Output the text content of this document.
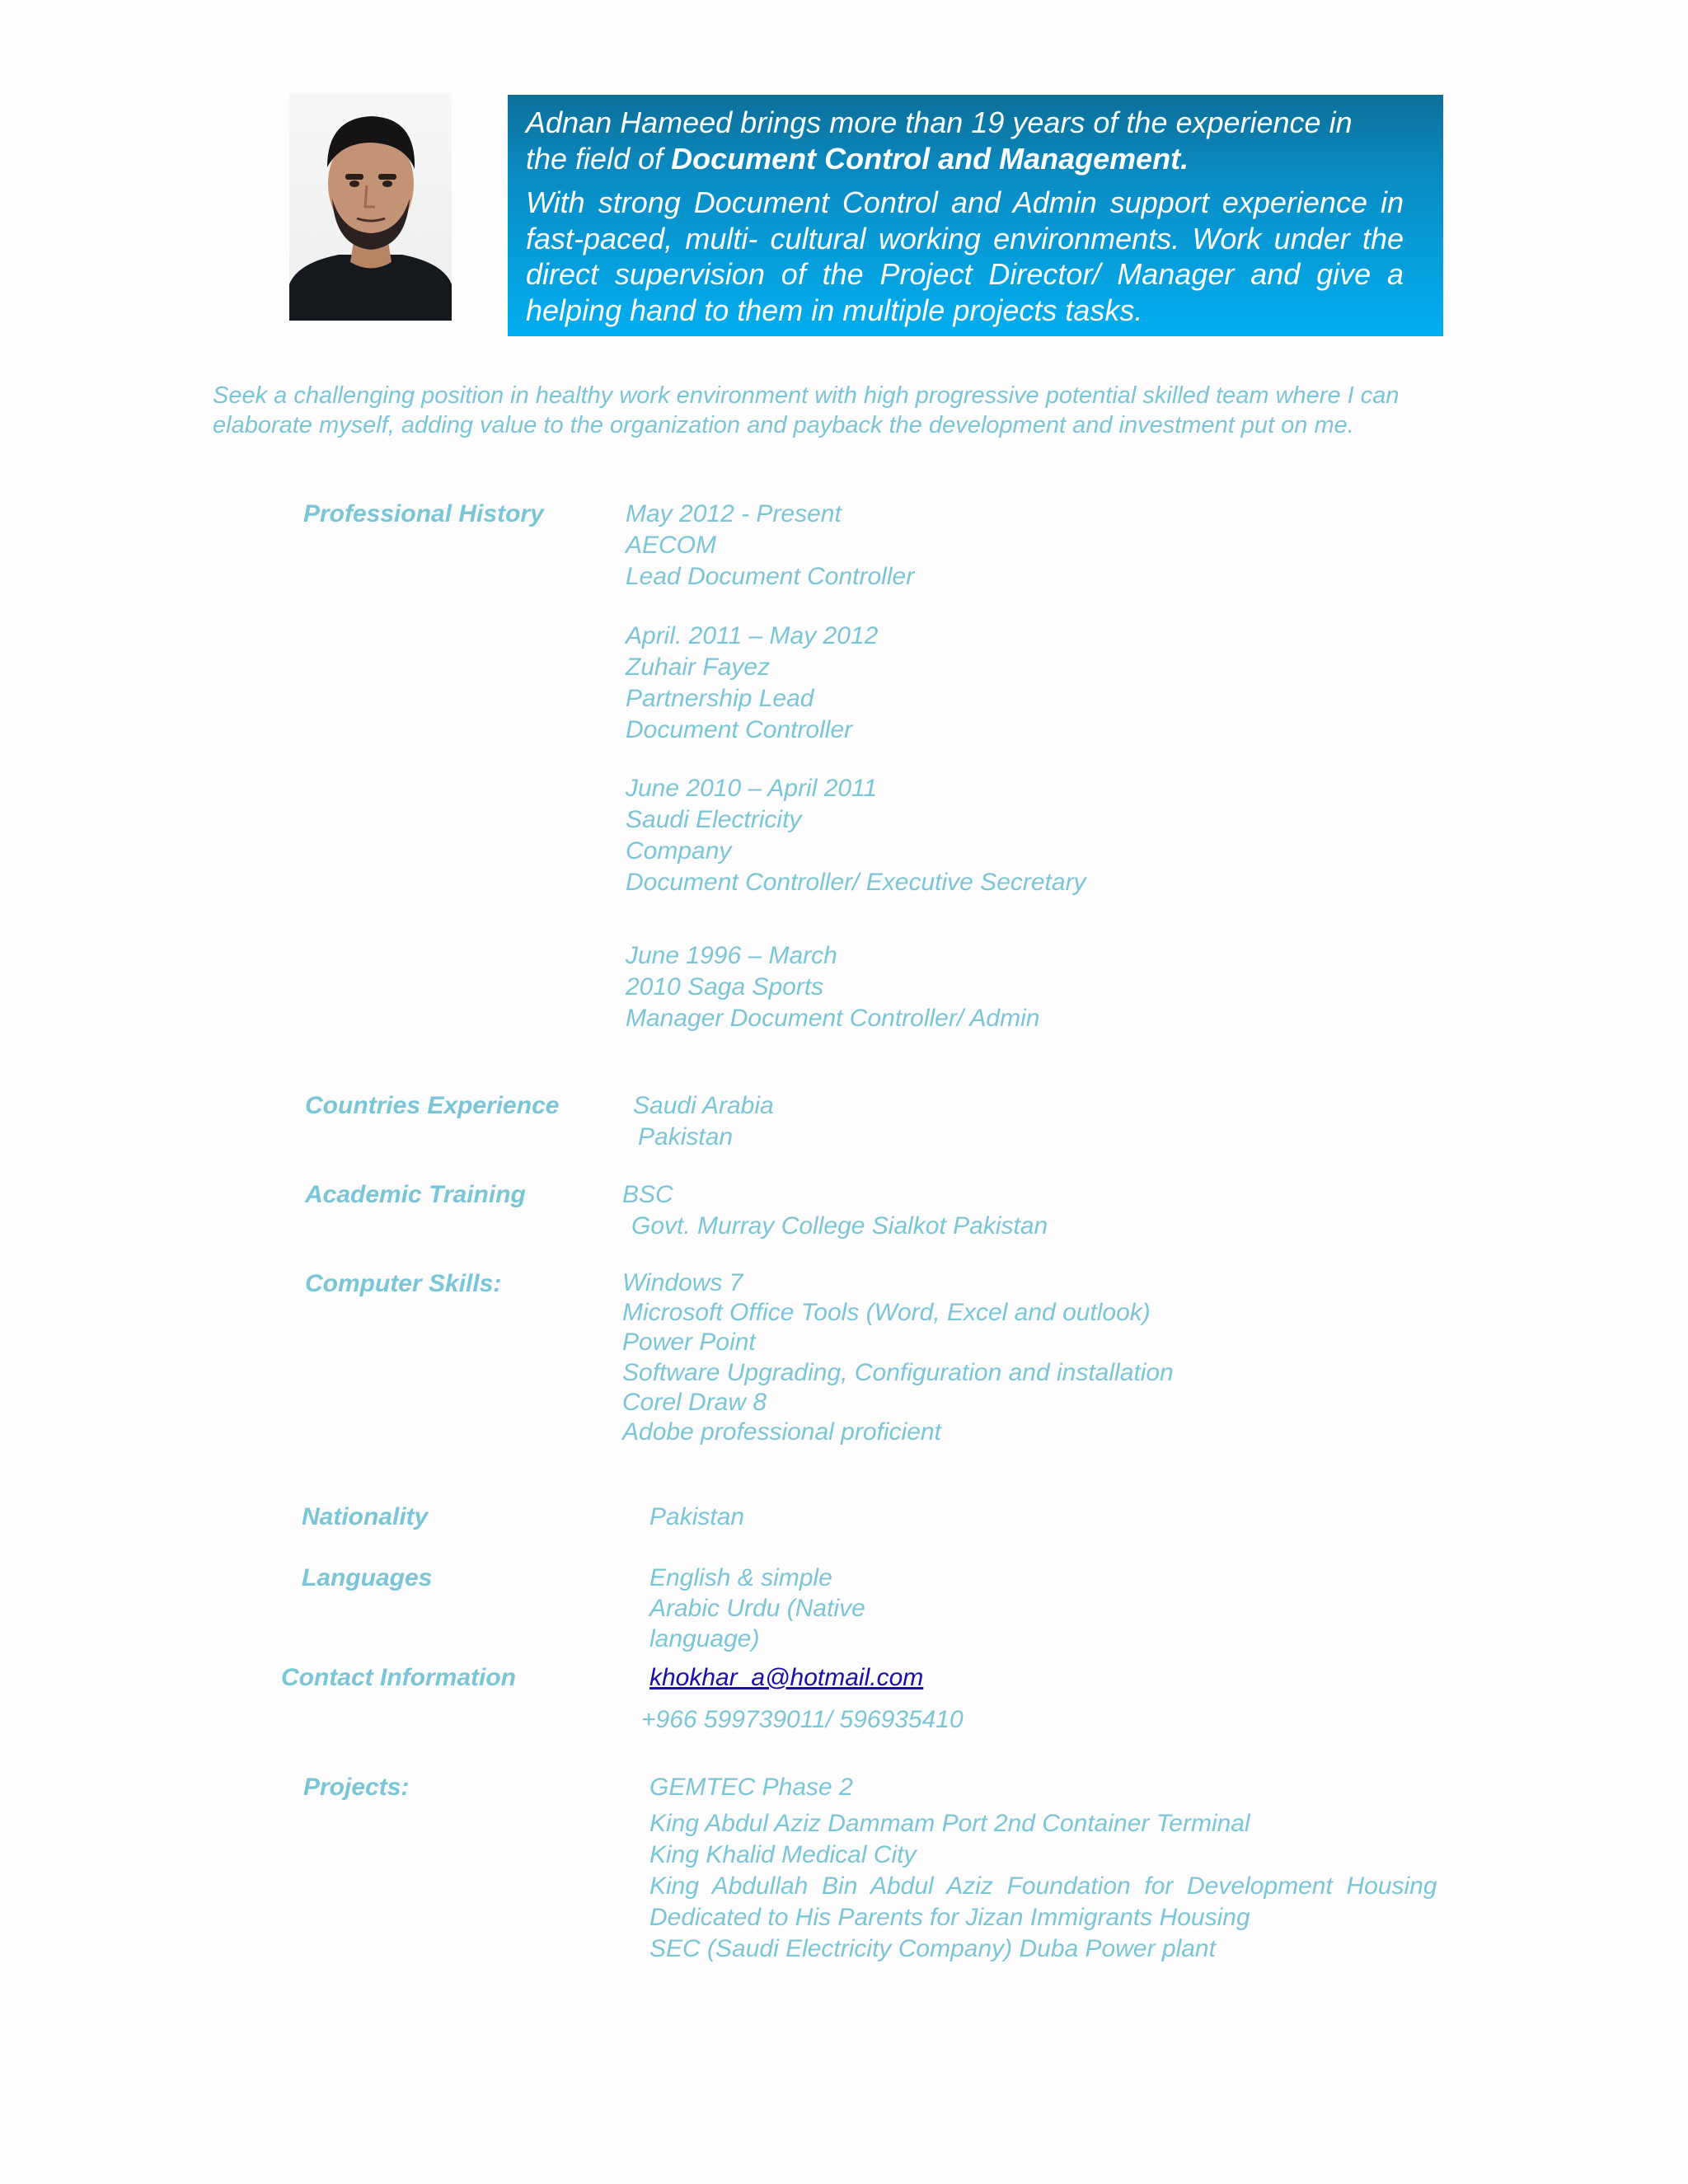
Adnan Hameed brings more than 19 years of the experience in
the field of Document Control and Management.

With strong Document Control and Admin support experience in fast-paced, multi- cultural working environments. Work under the direct supervision of the Project Director/ Manager and give a helping hand to them in multiple projects tasks.

Seek a challenging position in healthy work environment with high progressive potential skilled team where I can elaborate myself, adding value to the organization and payback the development and investment put on me.
Professional History	May 2012 - Present
AECOM
Lead Document Controller
April. 2011 – May 2012
Zuhair Fayez
Partnership Lead
Document Controller
June 2010 – April 2011
Saudi Electricity
Company
Document Controller/ Executive Secretary
June 1996 – March
2010 Saga Sports
Manager Document Controller/ Admin
Countries Experience	Saudi Arabia
Pakistan
Academic Training	BSC
Govt. Murray College Sialkot Pakistan
Computer Skills:	Windows 7
Microsoft Office Tools (Word, Excel and outlook)
Power Point
Software Upgrading, Configuration and installation
Corel Draw 8
Adobe professional proficient
Nationality	Pakistan
Languages	English & simple
Arabic Urdu (Native
language)
Contact Information	khokhar_a@hotmail.com
+966 599739011/ 596935410
Projects:	GEMTEC Phase 2
King Abdul Aziz Dammam Port 2nd Container Terminal
King Khalid Medical City
King  Abdullah  Bin  Abdul  Aziz  Foundation  for  Development  Housing
Dedicated to His Parents for Jizan Immigrants Housing
SEC (Saudi Electricity Company) Duba Power plant
